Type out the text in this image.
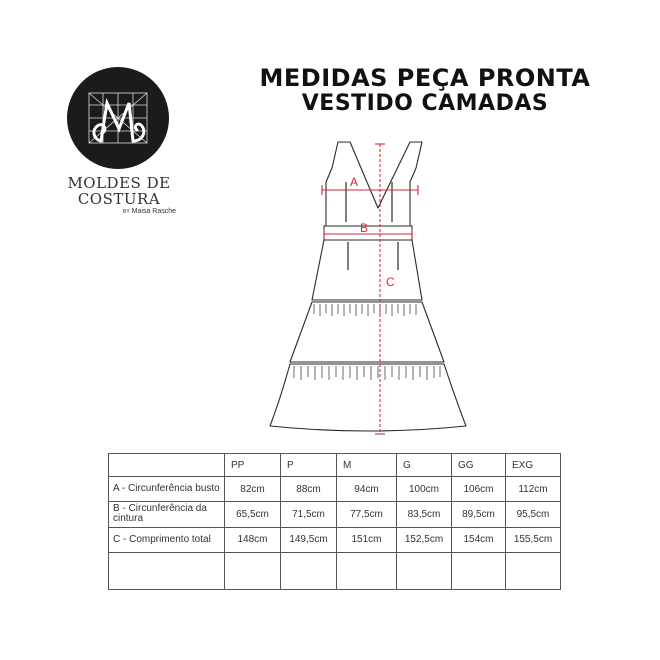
MOLDES DE
COSTURA
BY Maisa Rasche
MEDIDAS PEÇA PRONTA
VESTIDO CAMADAS
A
B
C
	PP	P	M	G	GG	EXG
A - Circunferência busto	82cm	88cm	94cm	100cm	106cm	112cm
B - Circunferência da cintura	65,5cm	71,5cm	77,5cm	83,5cm	89,5cm	95,5cm
C - Comprimento total	148cm	149,5cm	151cm	152,5cm	154cm	155,5cm
